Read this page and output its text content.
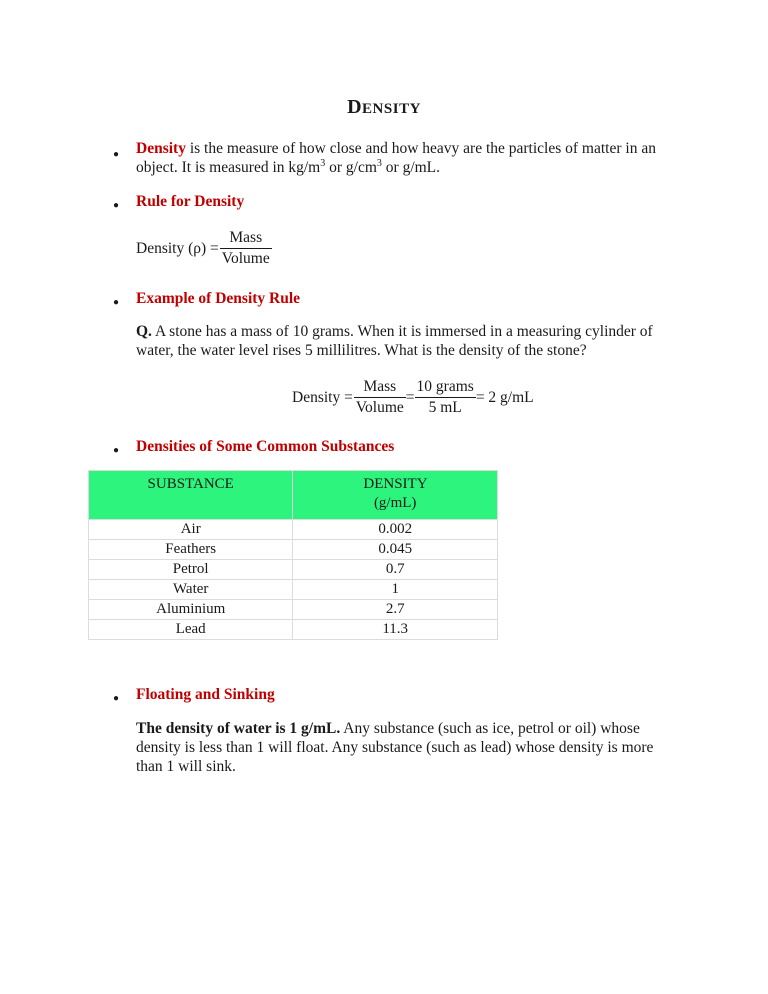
DENSITY
● Density is the measure of how close and how heavy are the particles of matter in an object. It is measured in $kg/m^3$ or $g/cm^3$ or g/mL.
● Rule for Density
Density $(\rho) = \frac{\text{Mass}}{\text{Volume}}$
● Example of Density Rule
Q. A stone has a mass of 10 grams. When it is immersed in a measuring cylinder of water, the water level rises 5 millilitres. What is the density of the stone?
Density = $\frac{\text{Mass}}{\text{Volume}} = \frac{\text{10 grams}}{5 mL} = 2$ g/mL
● Densities of Some Common Substances
SUBSTANCE	DENSITY (g/mL)
Air	0.002
Feathers	0.045
Petrol	0.7
Water	1
Aluminium	2.7
Lead	11.3
● Floating and Sinking
The density of water is 1 g/mL. Any substance (such as ice, petrol or oil) whose density is less than 1 will float. Any substance (such as lead) whose density is more than 1 will sink.
